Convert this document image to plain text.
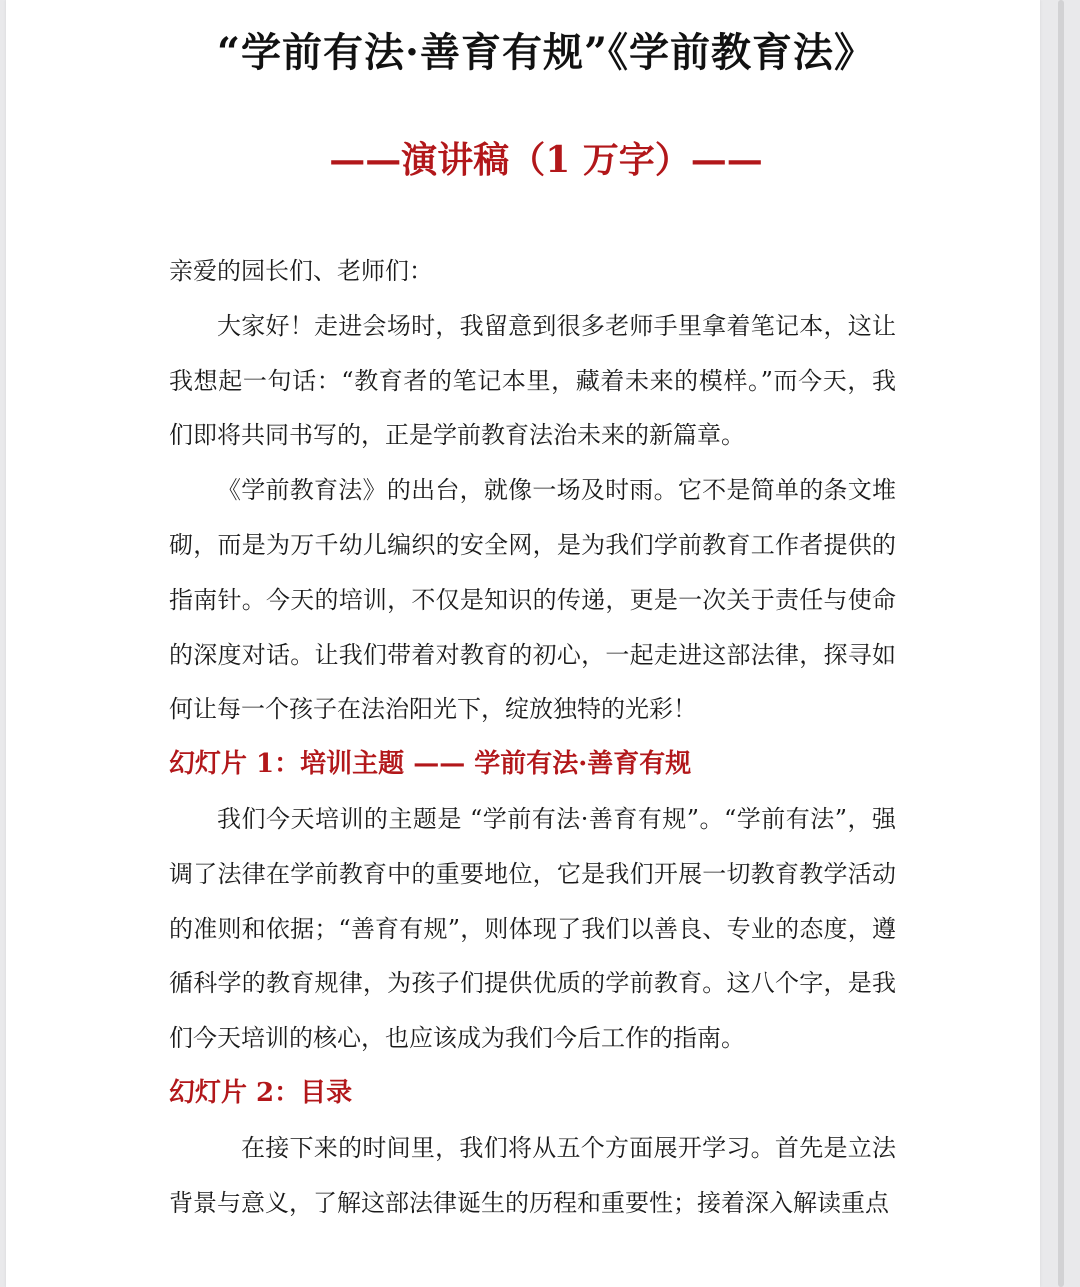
“学前有法·善育有规”《学前教育法》
——演讲稿（1 万字）——

亲爱的园长们、老师们：

大家好！走进会场时，我留意到很多老师手里拿着笔记本，这让我想起一句话：“教育者的笔记本里，藏着未来的模样。”而今天，我们即将共同书写的，正是学前教育法治未来的新篇章。

《学前教育法》的出台，就像一场及时雨。它不是简单的条文堆砌，而是为万千幼儿编织的安全网，是为我们学前教育工作者提供的指南针。今天的培训，不仅是知识的传递，更是一次关于责任与使命的深度对话。让我们带着对教育的初心，一起走进这部法律，探寻如何让每一个孩子在法治阳光下，绽放独特的光彩！

幻灯片 1：培训主题 —— 学前有法·善育有规

我们今天培训的主题是 “学前有法·善育有规”。“学前有法”，强调了法律在学前教育中的重要地位，它是我们开展一切教育教学活动的准则和依据；“善育有规”，则体现了我们以善良、专业的态度，遵循科学的教育规律，为孩子们提供优质的学前教育。这八个字，是我们今天培训的核心，也应该成为我们今后工作的指南。

幻灯片 2：目录

在接下来的时间里，我们将从五个方面展开学习。首先是立法背景与意义，了解这部法律诞生的历程和重要性；接着深入解读重点
